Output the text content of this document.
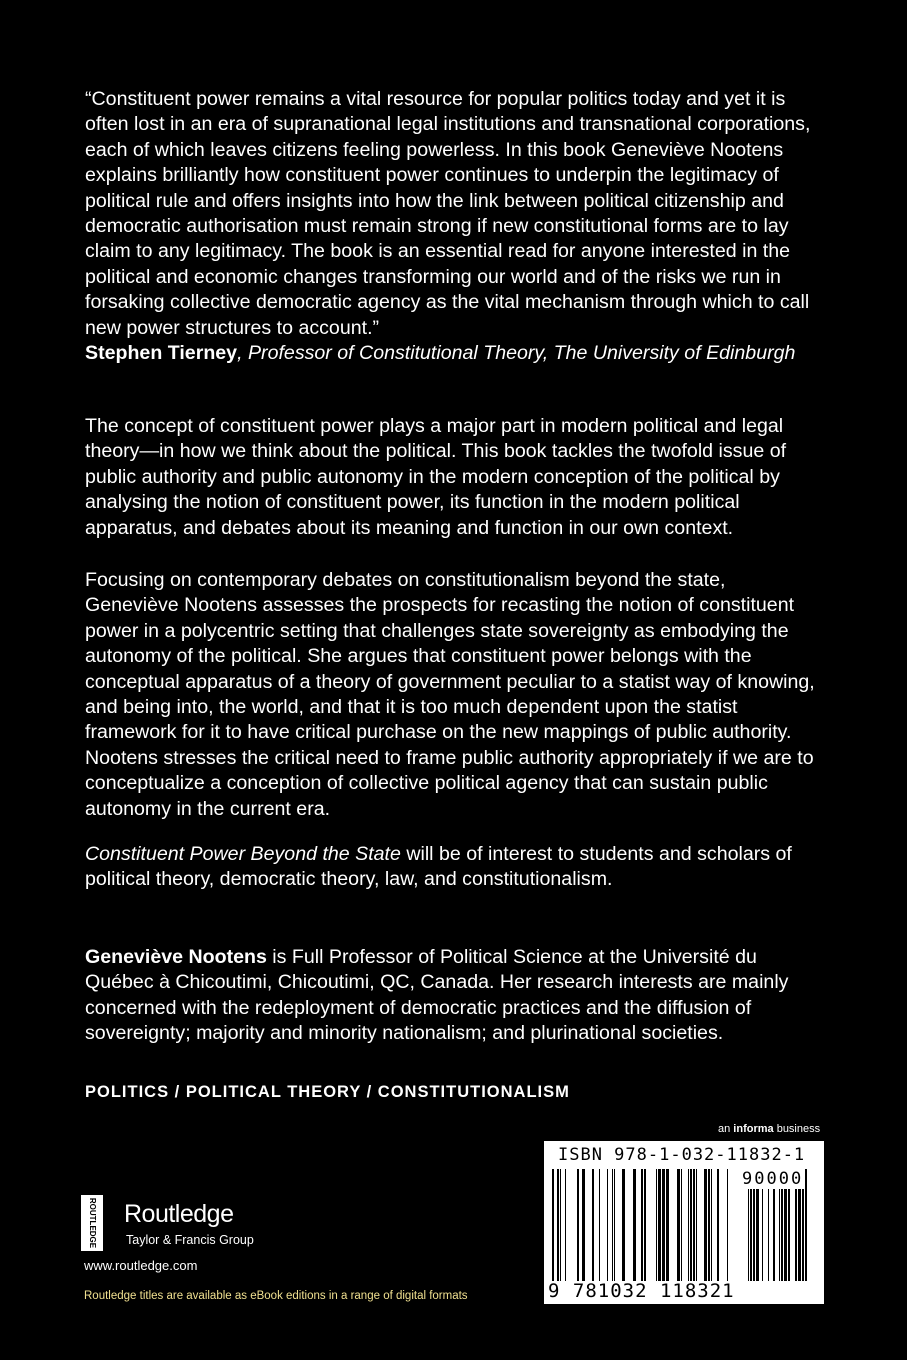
“Constituent power remains a vital resource for popular politics today and yet it is often lost in an era of supranational legal institutions and transnational corporations, each of which leaves citizens feeling powerless. In this book Geneviève Nootens explains brilliantly how constituent power continues to underpin the legitimacy of political rule and offers insights into how the link between political citizenship and democratic authorisation must remain strong if new constitutional forms are to lay claim to any legitimacy. The book is an essential read for anyone interested in the political and economic changes transforming our world and of the risks we run in forsaking collective democratic agency as the vital mechanism through which to call new power structures to account.”

Stephen Tierney, Professor of Constitutional Theory, The University of Edinburgh

The concept of constituent power plays a major part in modern political and legal theory—in how we think about the political. This book tackles the twofold issue of public authority and public autonomy in the modern conception of the political by analysing the notion of constituent power, its function in the modern political apparatus, and debates about its meaning and function in our own context.

Focusing on contemporary debates on constitutionalism beyond the state, Geneviève Nootens assesses the prospects for recasting the notion of constituent power in a polycentric setting that challenges state sovereignty as embodying the autonomy of the political. She argues that constituent power belongs with the conceptual apparatus of a theory of government peculiar to a statist way of knowing, and being into, the world, and that it is too much dependent upon the statist framework for it to have critical purchase on the new mappings of public authority. Nootens stresses the critical need to frame public authority appropriately if we are to conceptualize a conception of collective political agency that can sustain public autonomy in the current era.

Constituent Power Beyond the State will be of interest to students and scholars of political theory, democratic theory, law, and constitutionalism.

Geneviève Nootens is Full Professor of Political Science at the Université du Québec à Chicoutimi, Chicoutimi, QC, Canada. Her research interests are mainly concerned with the redeployment of democratic practices and the diffusion of sovereignty; majority and minority nationalism; and plurinational societies.

POLITICS / POLITICAL THEORY / CONSTITUTIONALISM
an informa business
ISBN 978-1-032-11832-1
90000
9 781032 118321
ROUTLEDGE Routledge
Taylor & Francis Group
www.routledge.com
Routledge titles are available as eBook editions in a range of digital formats
